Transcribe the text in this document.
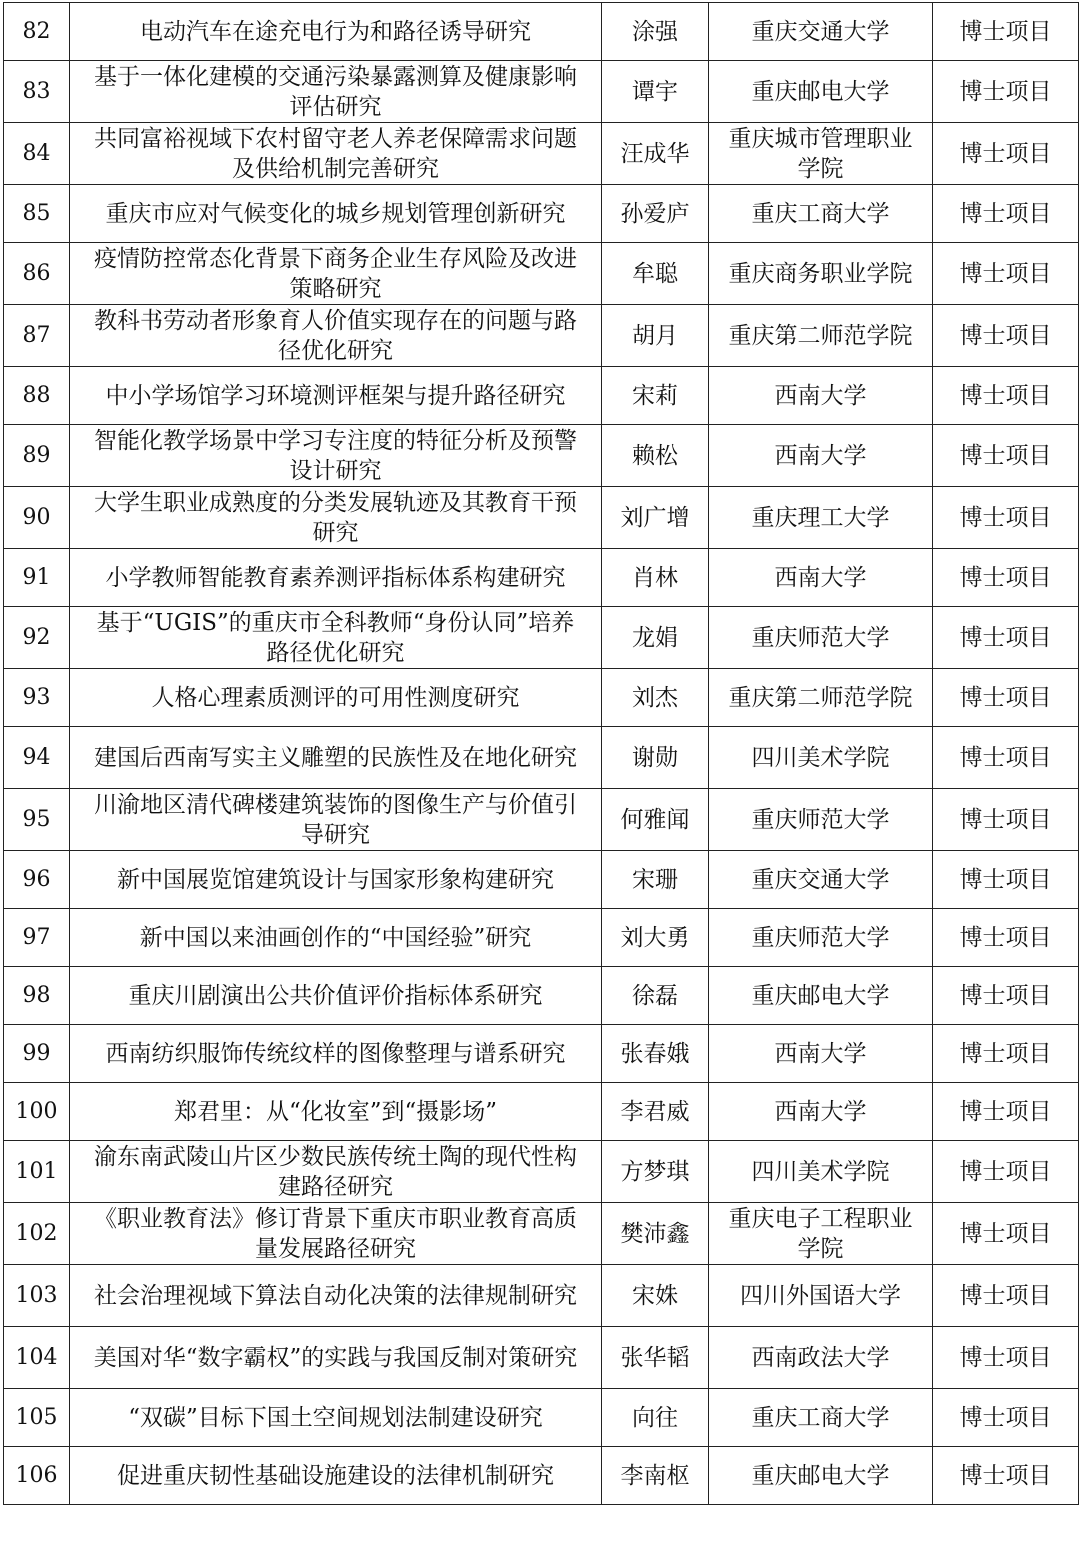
82	电动汽车在途充电行为和路径诱导研究	涂强	重庆交通大学	博士项目
83	基于一体化建模的交通污染暴露测算及健康影响评估研究	谭宇	重庆邮电大学	博士项目
84	共同富裕视域下农村留守老人养老保障需求问题及供给机制完善研究	汪成华	重庆城市管理职业学院	博士项目
85	重庆市应对气候变化的城乡规划管理创新研究	孙爱庐	重庆工商大学	博士项目
86	疫情防控常态化背景下商务企业生存风险及改进策略研究	牟聪	重庆商务职业学院	博士项目
87	教科书劳动者形象育人价值实现存在的问题与路径优化研究	胡月	重庆第二师范学院	博士项目
88	中小学场馆学习环境测评框架与提升路径研究	宋莉	西南大学	博士项目
89	智能化教学场景中学习专注度的特征分析及预警设计研究	赖松	西南大学	博士项目
90	大学生职业成熟度的分类发展轨迹及其教育干预研究	刘广增	重庆理工大学	博士项目
91	小学教师智能教育素养测评指标体系构建研究	肖林	西南大学	博士项目
92	基于“UGIS”的重庆市全科教师“身份认同”培养路径优化研究	龙娟	重庆师范大学	博士项目
93	人格心理素质测评的可用性测度研究	刘杰	重庆第二师范学院	博士项目
94	建国后西南写实主义雕塑的民族性及在地化研究	谢勋	四川美术学院	博士项目
95	川渝地区清代碑楼建筑装饰的图像生产与价值引导研究	何雅闻	重庆师范大学	博士项目
96	新中国展览馆建筑设计与国家形象构建研究	宋珊	重庆交通大学	博士项目
97	新中国以来油画创作的“中国经验”研究	刘大勇	重庆师范大学	博士项目
98	重庆川剧演出公共价值评价指标体系研究	徐磊	重庆邮电大学	博士项目
99	西南纺织服饰传统纹样的图像整理与谱系研究	张春娥	西南大学	博士项目
100	郑君里：从“化妆室”到“摄影场”	李君威	西南大学	博士项目
101	渝东南武陵山片区少数民族传统土陶的现代性构建路径研究	方梦琪	四川美术学院	博士项目
102	《职业教育法》修订背景下重庆市职业教育高质量发展路径研究	樊沛鑫	重庆电子工程职业学院	博士项目
103	社会治理视域下算法自动化决策的法律规制研究	宋姝	四川外国语大学	博士项目
104	美国对华“数字霸权”的实践与我国反制对策研究	张华韬	西南政法大学	博士项目
105	“双碳”目标下国土空间规划法制建设研究	向往	重庆工商大学	博士项目
106	促进重庆韧性基础设施建设的法律机制研究	李南枢	重庆邮电大学	博士项目
